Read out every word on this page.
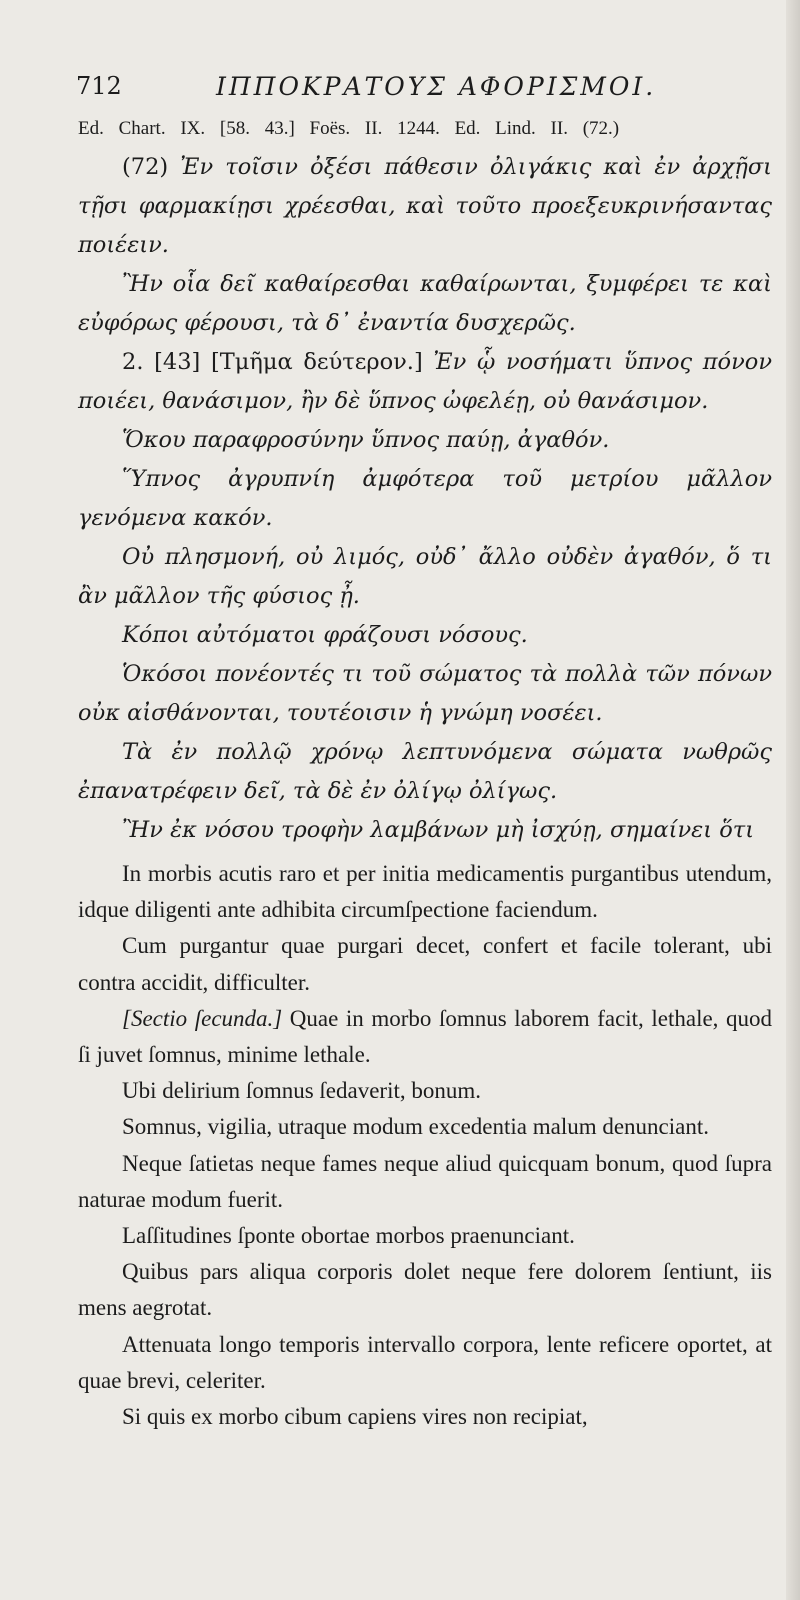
712	ΙΠΠΟΚΡΑΤΟΥΣ ΑΦΟΡΙΣΜΟΙ.
Ed. Chart. IX. [58. 43.] Foës. II. 1244. Ed. Lind. II. (72.)

(72) Ἐν τοῖσιν ὀξέσι πάθεσιν ὀλιγάκις καὶ ἐν ἀρχῇσι τῇσι φαρμακίῃσι χρέεσθαι, καὶ τοῦτο προεξευκρινήσαντας ποιέειν.

Ἢν οἷα δεῖ καθαίρεσθαι καθαίρωνται, ξυμφέρει τε καὶ εὐφόρως φέρουσι, τὰ δ᾽ ἐναντία δυσχερῶς.

2. [43] [Τμῆμα δεύτερον.] Ἐν ᾧ νοσήματι ὕπνος πόνον ποιέει, θανάσιμον, ἢν δὲ ὕπνος ὠφελέῃ, οὐ θανάσιμον.

Ὅκου παραφροσύνην ὕπνος παύῃ, ἀγαθόν.

Ὕπνος ἀγρυπνίη ἀμφότερα τοῦ μετρίου μᾶλλον γενόμενα κακόν.

Οὐ πλησμονή, οὐ λιμός, οὐδ᾽ ἄλλο οὐδὲν ἀγαθόν, ὅ τι ἂν μᾶλλον τῆς φύσιος ᾖ.

Κόποι αὐτόματοι φράζουσι νόσους.

Ὁκόσοι πονέοντές τι τοῦ σώματος τὰ πολλὰ τῶν πόνων οὐκ αἰσθάνονται, τουτέοισιν ἡ γνώμη νοσέει.

Τὰ ἐν πολλῷ χρόνῳ λεπτυνόμενα σώματα νωθρῶς ἐπανατρέφειν δεῖ, τὰ δὲ ἐν ὀλίγῳ ὀλίγως.

Ἢν ἐκ νόσου τροφὴν λαμβάνων μὴ ἰσχύῃ, σημαίνει ὅτι

In morbis acutis raro et per initia medicamentis purgantibus utendum, idque diligenti ante adhibita circumſpectione faciendum.

Cum purgantur quae purgari decet, confert et facile tolerant, ubi contra accidit, difficulter.

[Sectio ſecunda.] Quae in morbo ſomnus laborem facit, lethale, quod ſi juvet ſomnus, minime lethale.

Ubi delirium ſomnus ſedaverit, bonum.

Somnus, vigilia, utraque modum excedentia malum denunciant.

Neque ſatietas neque fames neque aliud quicquam bonum, quod ſupra naturae modum fuerit.

Laſſitudines ſponte obortae morbos praenunciant.

Quibus pars aliqua corporis dolet neque fere dolorem ſentiunt, iis mens aegrotat.

Attenuata longo temporis intervallo corpora, lente reficere oportet, at quae brevi, celeriter.

Si quis ex morbo cibum capiens vires non recipiat,
